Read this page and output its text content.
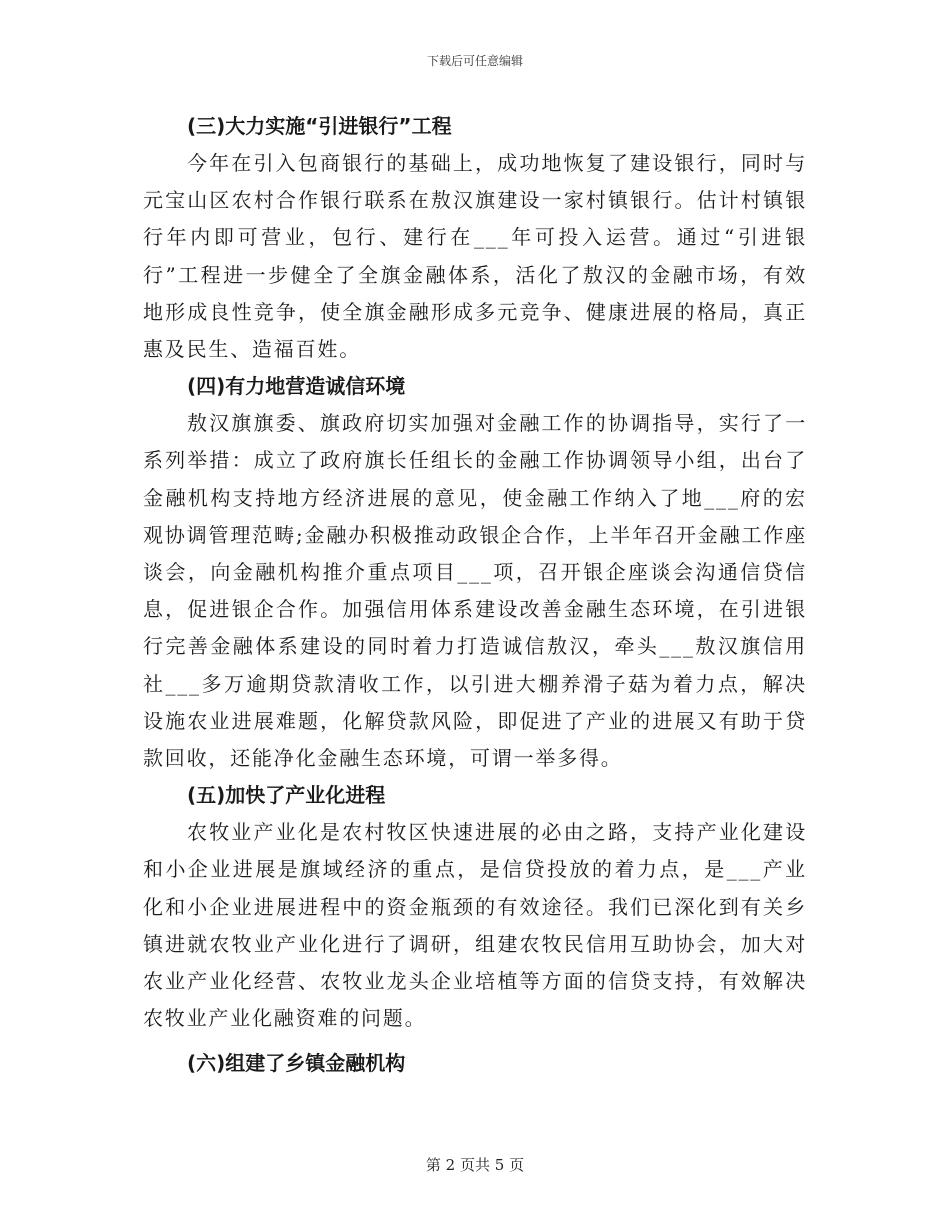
下载后可任意编辑
(三)大力实施“引进银行”工程

今年在引入包商银行的基础上，成功地恢复了建设银行，同时与元宝山区农村合作银行联系在敖汉旗建设一家村镇银行。估计村镇银行年内即可营业，包行、建行在___年可投入运营。通过“引进银行”工程进一步健全了全旗金融体系，活化了敖汉的金融市场，有效地形成良性竞争，使全旗金融形成多元竞争、健康进展的格局，真正惠及民生、造福百姓。

(四)有力地营造诚信环境

敖汉旗旗委、旗政府切实加强对金融工作的协调指导，实行了一系列举措：成立了政府旗长任组长的金融工作协调领导小组，出台了金融机构支持地方经济进展的意见，使金融工作纳入了地___府的宏观协调管理范畴;金融办积极推动政银企合作，上半年召开金融工作座谈会，向金融机构推介重点项目___项，召开银企座谈会沟通信贷信息，促进银企合作。加强信用体系建设改善金融生态环境，在引进银行完善金融体系建设的同时着力打造诚信敖汉，牵头___敖汉旗信用社___多万逾期贷款清收工作，以引进大棚养滑子菇为着力点，解决设施农业进展难题，化解贷款风险，即促进了产业的进展又有助于贷款回收，还能净化金融生态环境，可谓一举多得。

(五)加快了产业化进程

农牧业产业化是农村牧区快速进展的必由之路，支持产业化建设和小企业进展是旗域经济的重点，是信贷投放的着力点，是___产业化和小企业进展进程中的资金瓶颈的有效途径。我们已深化到有关乡镇进就农牧业产业化进行了调研，组建农牧民信用互助协会，加大对农业产业化经营、农牧业龙头企业培植等方面的信贷支持，有效解决农牧业产业化融资难的问题。

(六)组建了乡镇金融机构
第 2 页共 5 页
